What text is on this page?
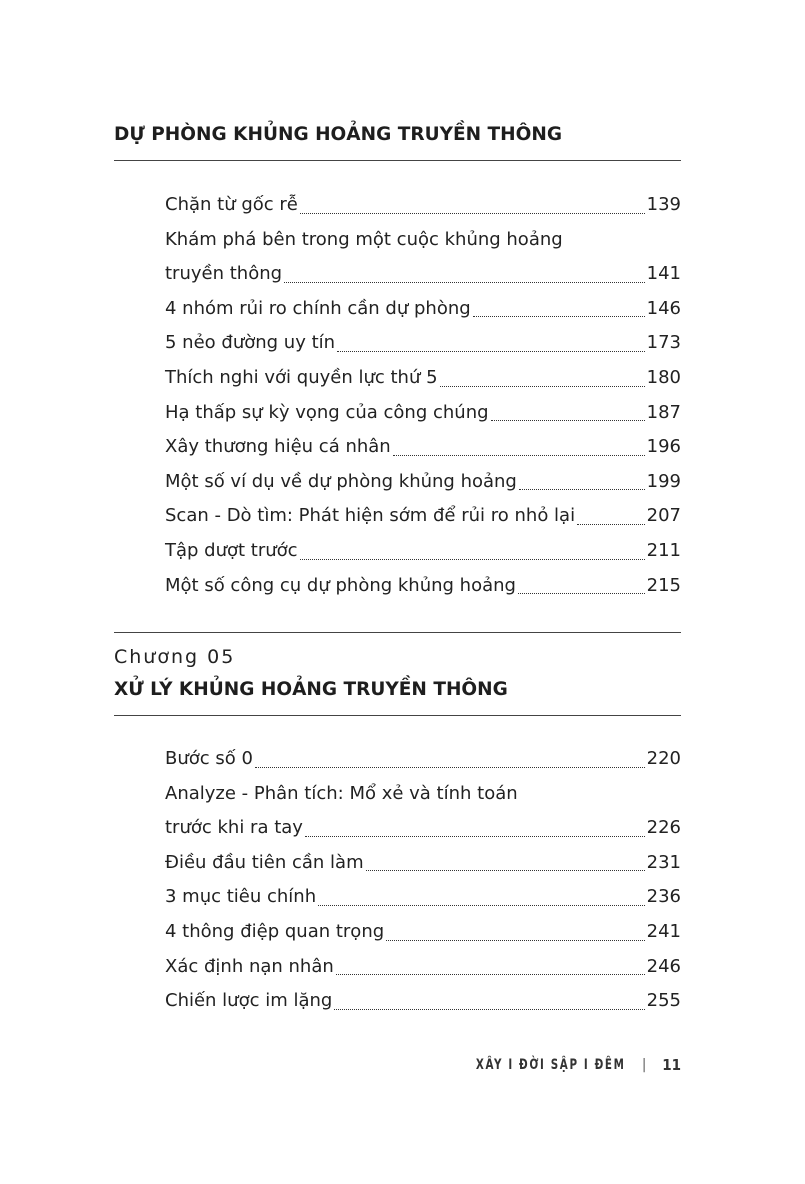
DỰ PHÒNG KHỦNG HOẢNG TRUYỀN THÔNG
Chặn từ gốc rễ	139
Khám phá bên trong một cuộc khủng hoảng
truyền thông	141
4 nhóm rủi ro chính cần dự phòng	146
5 nẻo đường uy tín	173
Thích nghi với quyền lực thứ 5	180
Hạ thấp sự kỳ vọng của công chúng	187
Xây thương hiệu cá nhân	196
Một số ví dụ về dự phòng khủng hoảng	199
Scan - Dò tìm: Phát hiện sớm để rủi ro nhỏ lại	207
Tập dượt trước	211
Một số công cụ dự phòng khủng hoảng	215
Chương 05
XỬ LÝ KHỦNG HOẢNG TRUYỀN THÔNG
Bước số 0	220
Analyze - Phân tích: Mổ xẻ và tính toán
trước khi ra tay	226
Điều đầu tiên cần làm	231
3 mục tiêu chính	236
4 thông điệp quan trọng	241
Xác định nạn nhân	246
Chiến lược im lặng	255
XÂY I ĐỜI SẬP I ĐÊM | 11
